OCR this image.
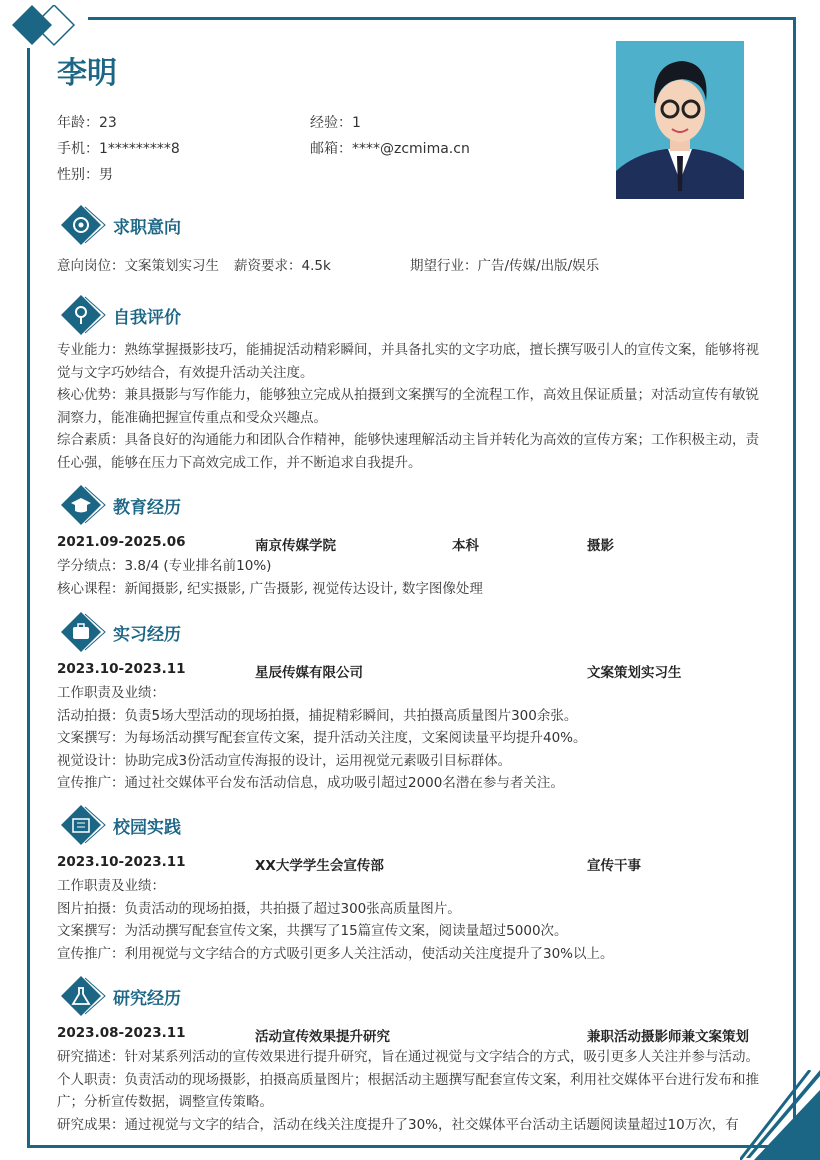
李明
年龄：23	经验：1
手机：1*********8	邮箱：****@zcmima.cn
性别：男
求职意向
意向岗位：文案策划实习生 薪资要求：4.5k	期望行业：广告/传媒/出版/娱乐
自我评价
专业能力：熟练掌握摄影技巧，能捕捉活动精彩瞬间，并具备扎实的文字功底，擅长撰写吸引人的宣传文案，能够将视觉与文字巧妙结合，有效提升活动关注度。
核心优势：兼具摄影与写作能力，能够独立完成从拍摄到文案撰写的全流程工作，高效且保证质量；对活动宣传有敏锐洞察力，能准确把握宣传重点和受众兴趣点。
综合素质：具备良好的沟通能力和团队合作精神，能够快速理解活动主旨并转化为高效的宣传方案；工作积极主动，责任心强，能够在压力下高效完成工作，并不断追求自我提升。
教育经历
2021.09-2025.06	南京传媒学院	本科	摄影
学分绩点：3.8/4 (专业排名前10%)
核心课程：新闻摄影, 纪实摄影, 广告摄影, 视觉传达设计, 数字图像处理
实习经历
2023.10-2023.11	星辰传媒有限公司	文案策划实习生
工作职责及业绩：
活动拍摄：负责5场大型活动的现场拍摄，捕捉精彩瞬间，共拍摄高质量图片300余张。
文案撰写：为每场活动撰写配套宣传文案，提升活动关注度，文案阅读量平均提升40%。
视觉设计：协助完成3份活动宣传海报的设计，运用视觉元素吸引目标群体。
宣传推广：通过社交媒体平台发布活动信息，成功吸引超过2000名潜在参与者关注。
校园实践
2023.10-2023.11	XX大学学生会宣传部	宣传干事
工作职责及业绩：
图片拍摄：负责活动的现场拍摄，共拍摄了超过300张高质量图片。
文案撰写：为活动撰写配套宣传文案，共撰写了15篇宣传文案，阅读量超过5000次。
宣传推广：利用视觉与文字结合的方式吸引更多人关注活动，使活动关注度提升了30%以上。
研究经历
2023.08-2023.11	活动宣传效果提升研究	兼职活动摄影师兼文案策划
研究描述：针对某系列活动的宣传效果进行提升研究，旨在通过视觉与文字结合的方式，吸引更多人关注并参与活动。
个人职责：负责活动的现场摄影，拍摄高质量图片；根据活动主题撰写配套宣传文案，利用社交媒体平台进行发布和推广；分析宣传数据，调整宣传策略。
研究成果：通过视觉与文字的结合，活动在线关注度提升了30%，社交媒体平台活动主话题阅读量超过10万次，有
